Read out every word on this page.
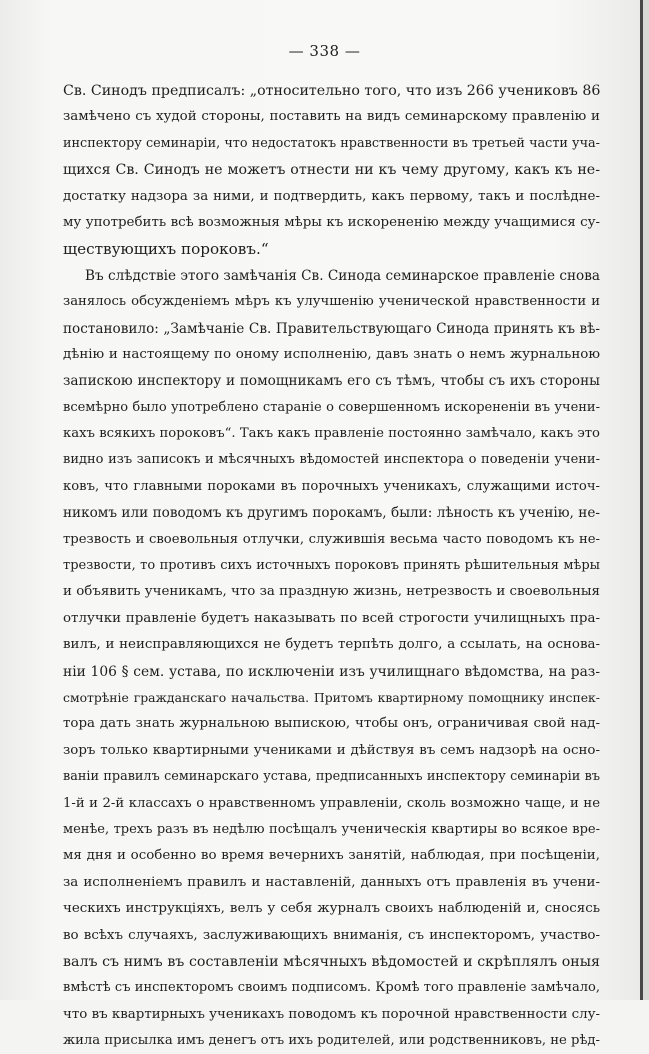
— 338 —
Св. Синодъ предписалъ: „относительно того, что изъ 266 учениковъ 86
замѣчено съ худой стороны, поставить на видъ семинарскому правленію и
инспектору семинаріи, что недостатокъ нравственности въ третьей части уча-
щихся Св. Синодъ не можетъ отнести ни къ чему другому, какъ къ не-
достатку надзора за ними, и подтвердить, какъ первому, такъ и послѣдне-
му употребить всѣ возможныя мѣры къ искорененію между учащимися су-
ществующихъ пороковъ.“
Въ слѣдствіе этого замѣчанія Св. Синода семинарское правленіе снова
занялось обсужденіемъ мѣръ къ улучшенію ученической нравственности и
постановило: „Замѣчаніе Св. Правительствующаго Синода принять къ вѣ-
дѣнію и настоящему по оному исполненію, давъ знать о немъ журнальною
запискою инспектору и помощникамъ его съ тѣмъ, чтобы съ ихъ стороны
всемѣрно было употреблено стараніе о совершенномъ искорененіи въ учени-
кахъ всякихъ пороковъ“. Такъ какъ правленіе постоянно замѣчало, какъ это
видно изъ записокъ и мѣсячныхъ вѣдомостей инспектора о поведеніи учени-
ковъ, что главными пороками въ порочныхъ ученикахъ, служащими источ-
никомъ или поводомъ къ другимъ порокамъ, были: лѣность къ ученію, не-
трезвость и своевольныя отлучки, служившія весьма часто поводомъ къ не-
трезвости, то противъ сихъ источныхъ пороковъ принять рѣшительныя мѣры
и объявить ученикамъ, что за праздную жизнь, нетрезвость и своевольныя
отлучки правленіе будетъ наказывать по всей строгости училищныхъ пра-
вилъ, и неисправляющихся не будетъ терпѣть долго, а ссылать, на основа-
ніи 106 § сем. устава, по исключеніи изъ училищнаго вѣдомства, на раз-
смотрѣніе гражданскаго начальства. Притомъ квартирному помощнику инспек-
тора дать знать журнальною выпискою, чтобы онъ, ограничивая свой над-
зоръ только квартирными учениками и дѣйствуя въ семъ надзорѣ на осно-
ваніи правилъ семинарскаго устава, предписанныхъ инспектору семинаріи въ
1-й и 2-й классахъ о нравственномъ управленіи, сколь возможно чаще, и не
менѣе, трехъ разъ въ недѣлю посѣщалъ ученическія квартиры во всякое вре-
мя дня и особенно во время вечернихъ занятій, наблюдая, при посѣщеніи,
за исполненіемъ правилъ и наставленій, данныхъ отъ правленія въ учени-
ческихъ инструкціяхъ, велъ у себя журналъ своихъ наблюденій и, сносясь
во всѣхъ случаяхъ, заслуживающихъ вниманія, съ инспекторомъ, участво-
валъ съ нимъ въ составленіи мѣсячныхъ вѣдомостей и скрѣплялъ оныя
вмѣстѣ съ инспекторомъ своимъ подписомъ. Кромѣ того правленіе замѣчало,
что въ квартирныхъ ученикахъ поводомъ къ порочной нравственности слу-
жила присылка имъ денегъ отъ ихъ родителей, или родственниковъ, не рѣд-
